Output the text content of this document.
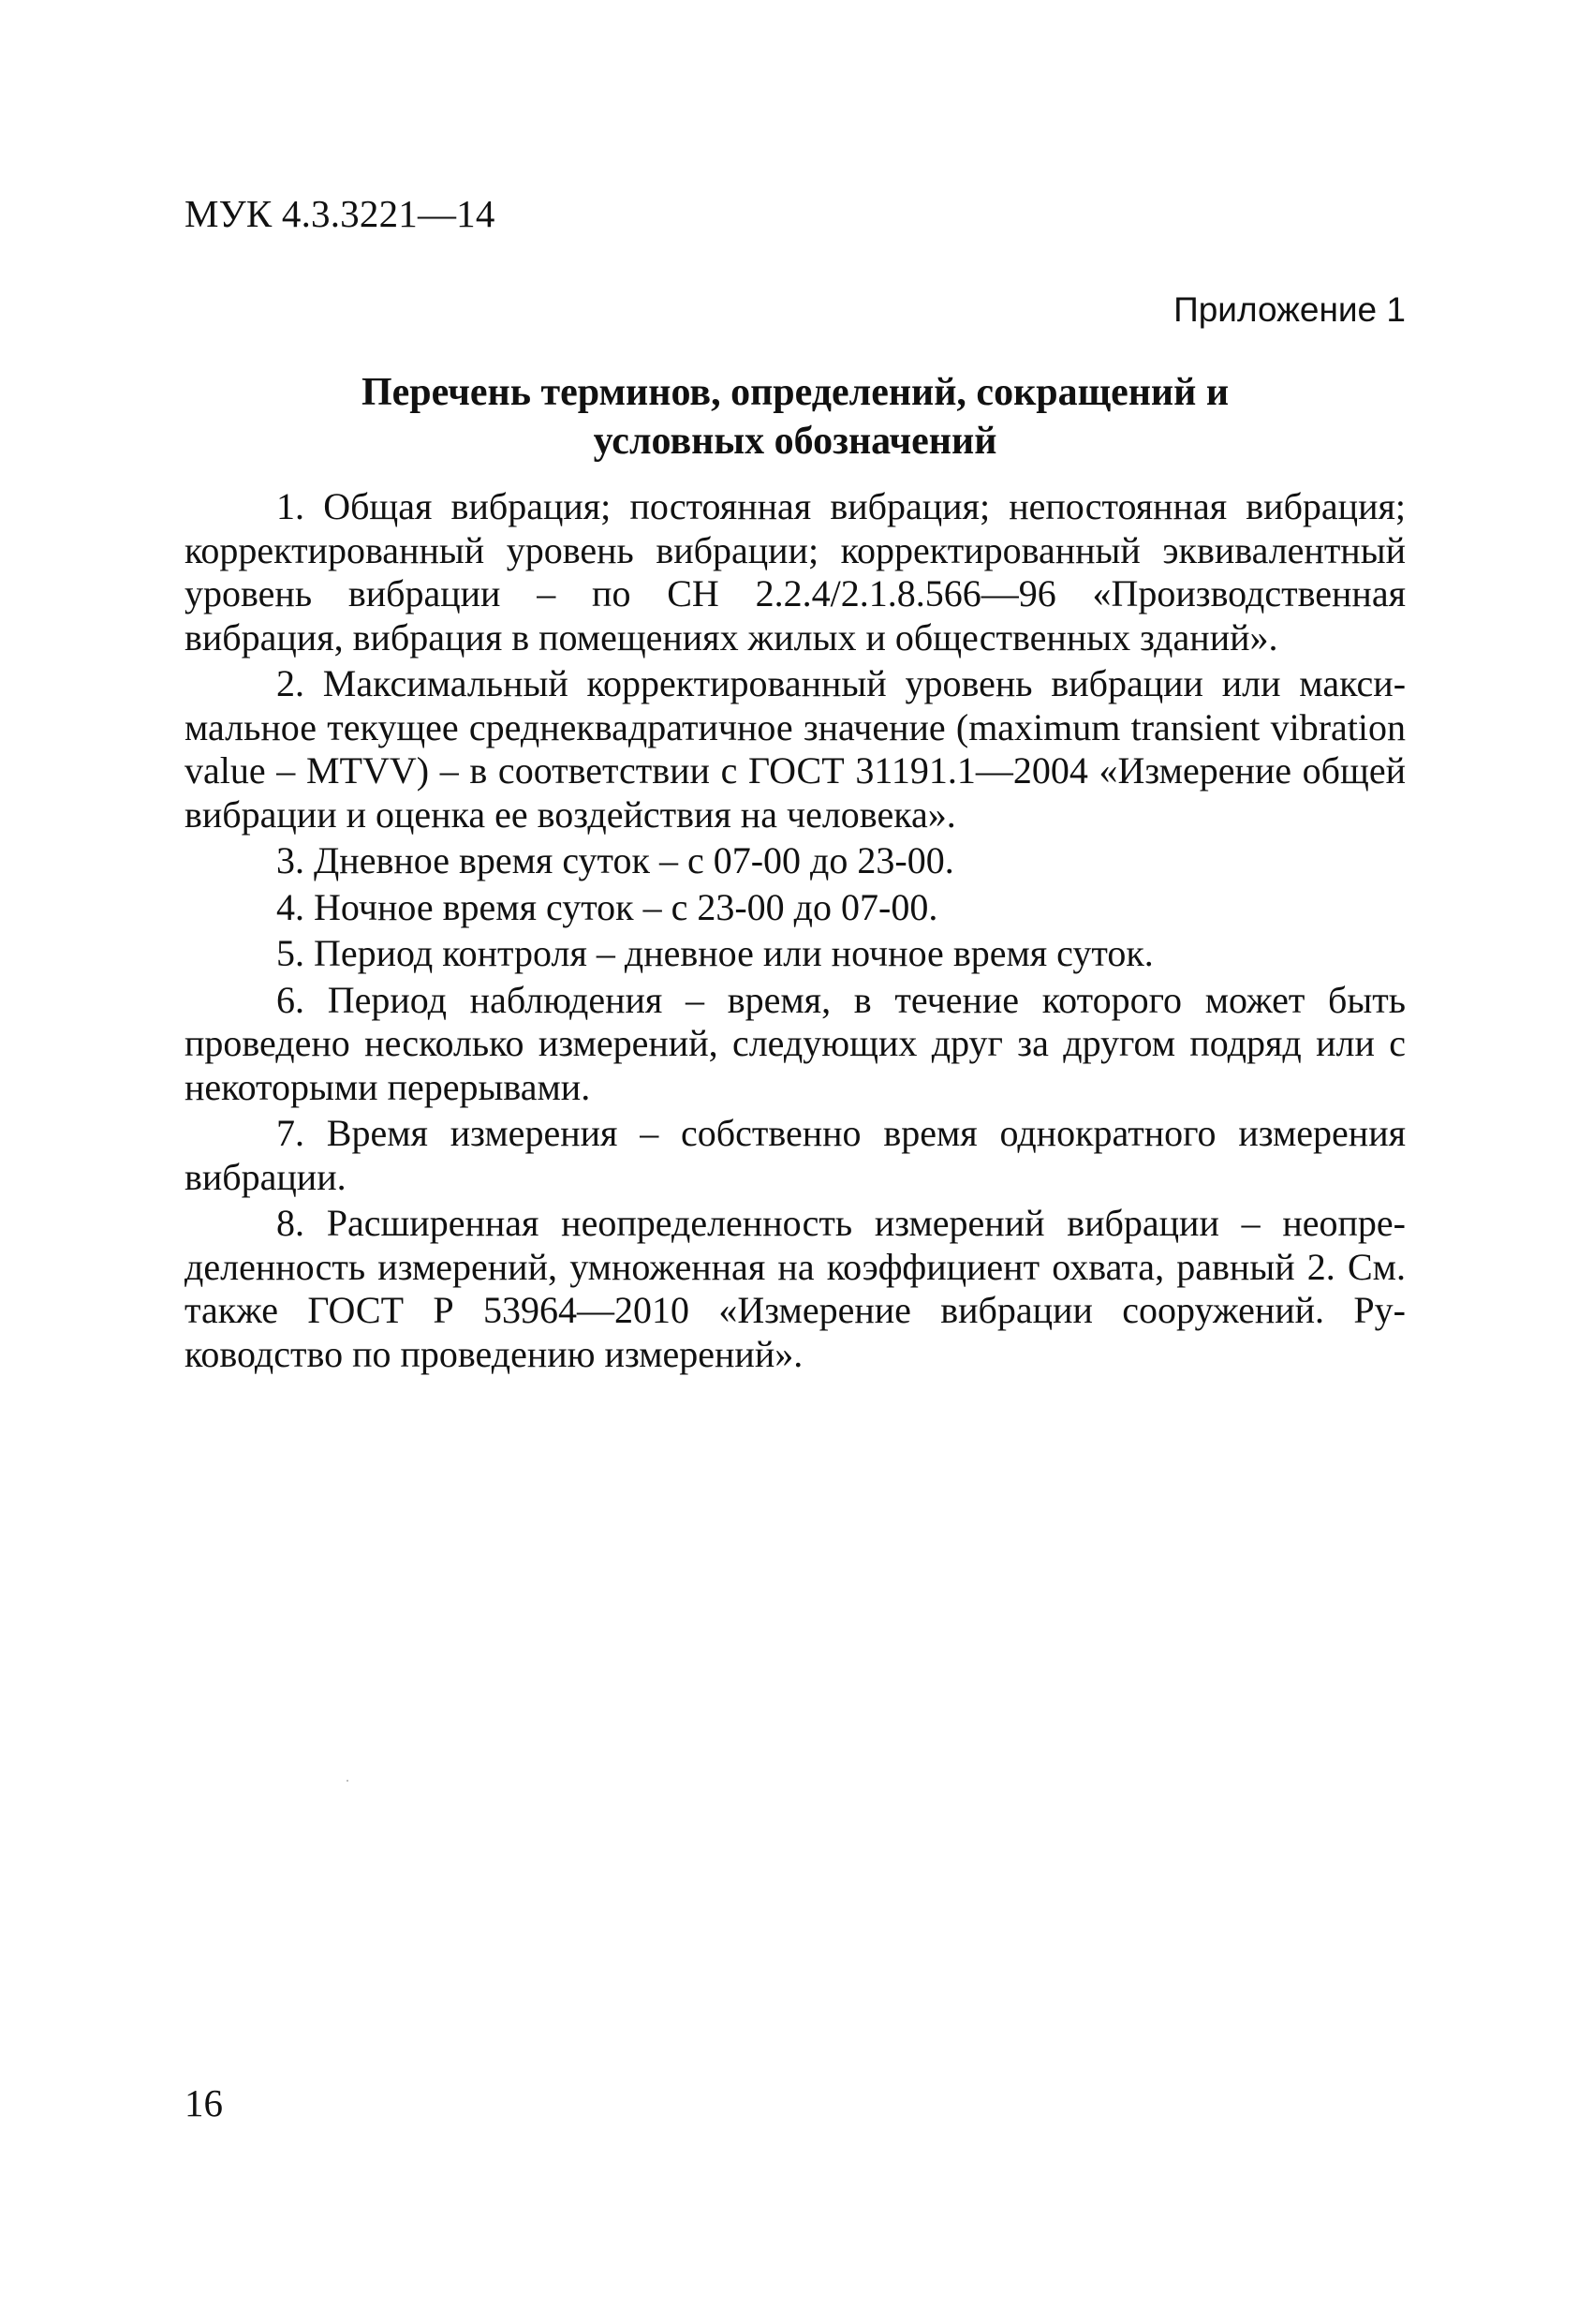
МУК 4.3.3221—14
Приложение 1
Перечень терминов, определений, сокращений и
условных обозначений

1. Общая вибрация; постоянная вибрация; непостоянная вибрация; корректированный уровень вибрации; корректированный эквивалентный уровень вибрации – по СН 2.2.4/2.1.8.566—96 «Производственная вибрация, вибрация в помещениях жилых и общественных зданий».

2. Максимальный корректированный уровень вибрации или максимальное текущее среднеквадратичное значение (maximum transient vibration value – MTVV) – в соответствии с ГОСТ 31191.1—2004 «Измерение общей вибрации и оценка ее воздействия на человека».

3. Дневное время суток – с 07-00 до 23-00.

4. Ночное время суток – с 23-00 до 07-00.

5. Период контроля – дневное или ночное время суток.

6. Период наблюдения – время, в течение которого может быть проведено несколько измерений, следующих друг за другом подряд или с некоторыми перерывами.

7. Время измерения – собственно время однократного измерения вибрации.

8. Расширенная неопределенность измерений вибрации – неопределенность измерений, умноженная на коэффициент охвата, равный 2. См. также ГОСТ Р 53964—2010 «Измерение вибрации сооружений. Руководство по проведению измерений».

16
